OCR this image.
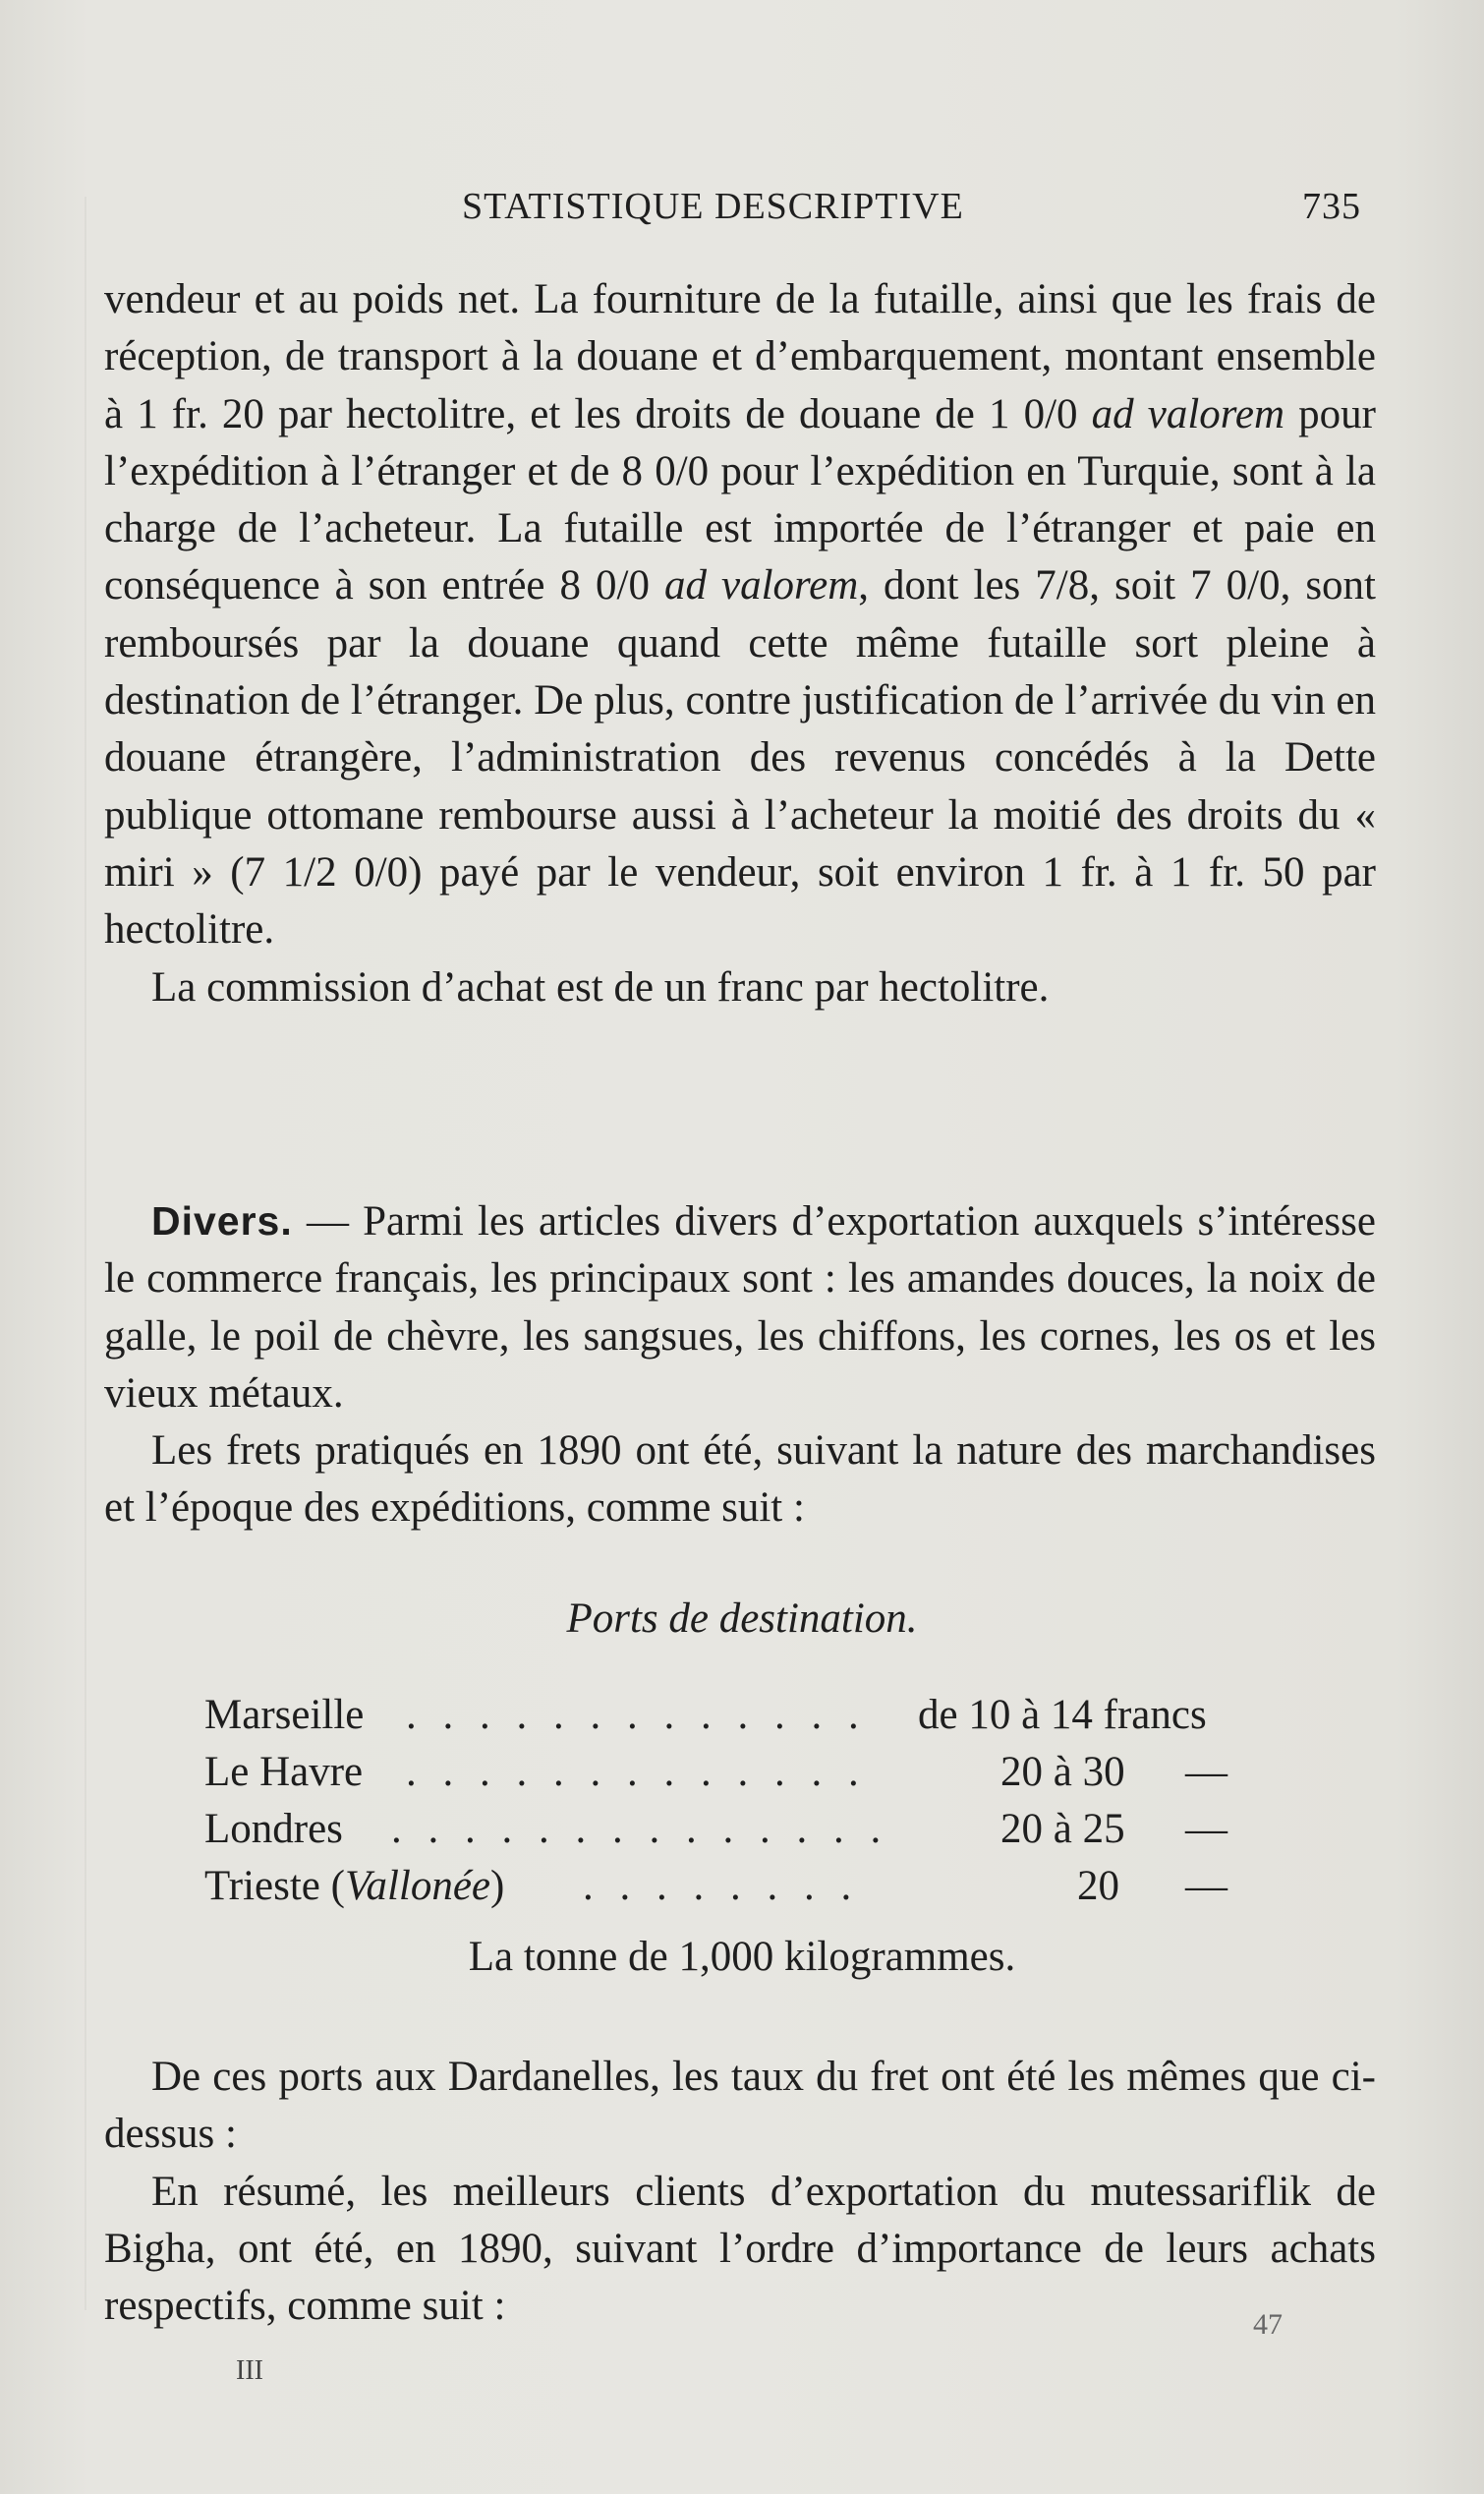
STATISTIQUE DESCRIPTIVE	735

vendeur et au poids net. La fourniture de la futaille, ainsi que les frais de réception, de transport à la douane et d’embarquement, montant ensemble à 1 fr. 20 par hectolitre, et les droits de douane de 1 0/0 ad valorem pour l’expédition à l’étranger et de 8 0/0 pour l’expédition en Turquie, sont à la charge de l’acheteur. La futaille est importée de l’étranger et paie en conséquence à son entrée 8 0/0 ad valorem, dont les 7/8, soit 7 0/0, sont remboursés par la douane quand cette même futaille sort pleine à destination de l’étranger. De plus, contre justification de l’arrivée du vin en douane étrangère, l’administration des revenus concédés à la Dette publique ottomane rembourse aussi à l’acheteur la moitié des droits du « miri » (7 1/2 0/0) payé par le vendeur, soit environ 1 fr. à 1 fr. 50 par hectolitre.

La commission d’achat est de un franc par hectolitre.

Divers. — Parmi les articles divers d’exportation auxquels s’intéresse le commerce français, les principaux sont : les amandes douces, la noix de galle, le poil de chèvre, les sangsues, les chiffons, les cornes, les os et les vieux métaux.

Les frets pratiqués en 1890 ont été, suivant la nature des marchandises et l’époque des expéditions, comme suit :

Ports de destination.
Marseille . . . . . . . . . . . . . de 10 à 14 francs
Le Havre . . . . . . . . . . . . .	20 à 30 —
Londres . . . . . . . . . . . . . .	20 à 25 —
Trieste (Vallonée) . . . . . . . .	20 —
La tonne de 1,000 kilogrammes.

De ces ports aux Dardanelles, les taux du fret ont été les mêmes que ci-dessus :

En résumé, les meilleurs clients d’exportation du mutessariflik de Bigha, ont été, en 1890, suivant l’ordre d’importance de leurs achats respectifs, comme suit :	47
III
